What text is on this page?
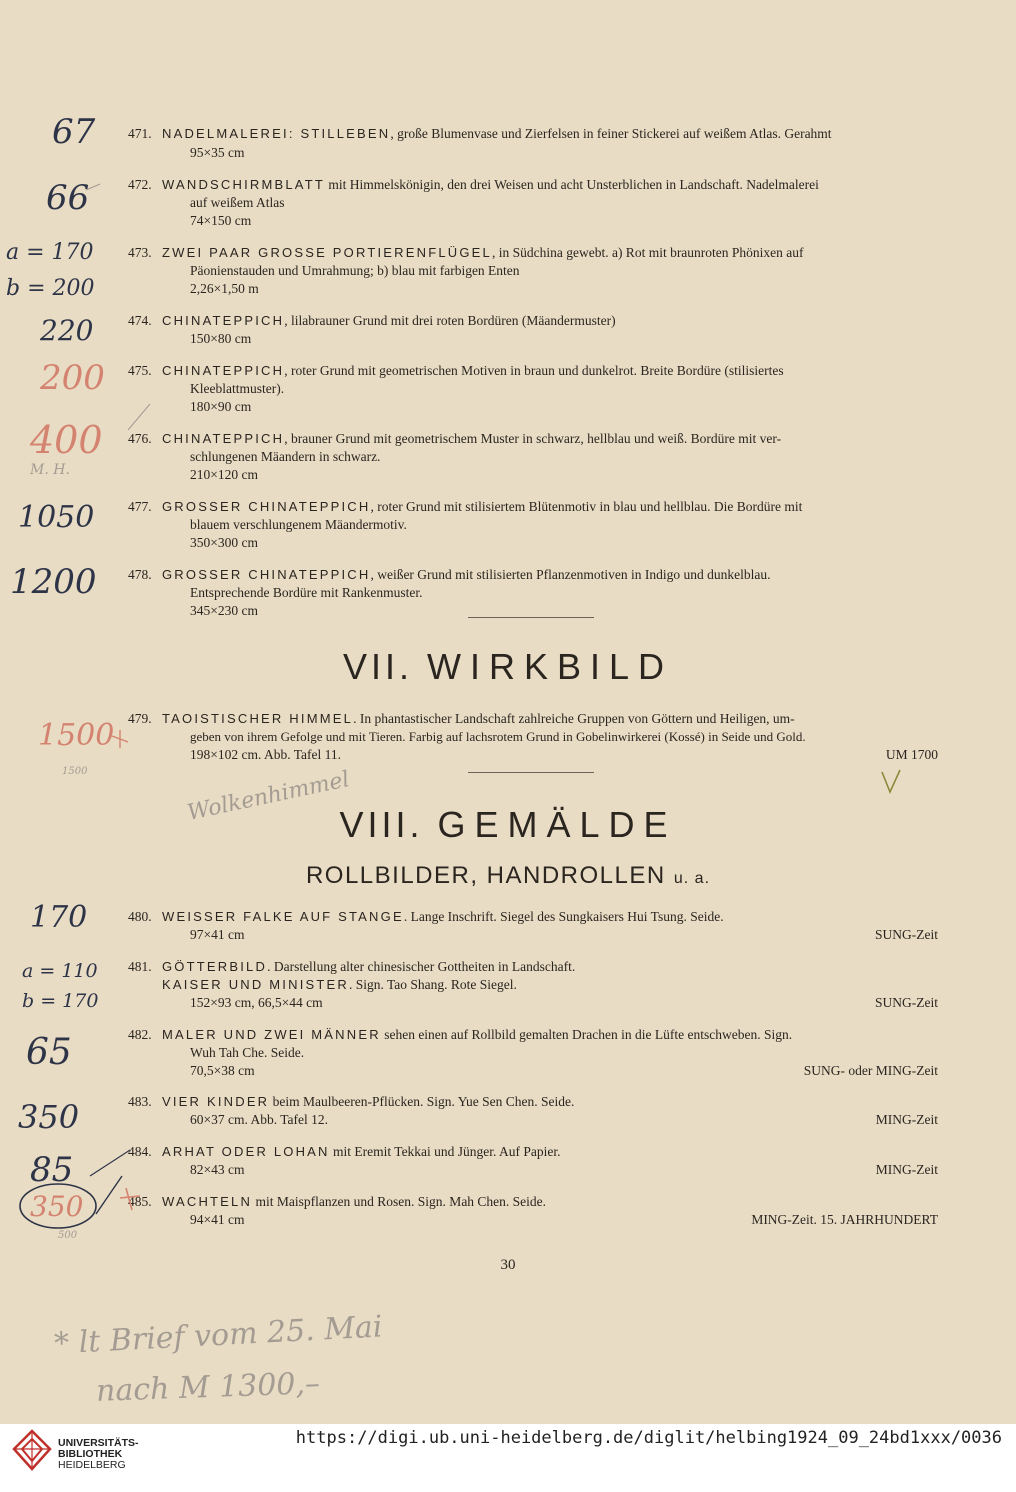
471. NADELMALEREI: STILLEBEN, große Blumenvase und Zierfelsen in feiner Stickerei auf weißem Atlas. Gerahmt
95×35 cm
472. WANDSCHIRMBLATT mit Himmelskönigin, den drei Weisen und acht Unsterblichen in Landschaft. Nadelmalerei
auf weißem Atlas
74×150 cm
473. ZWEI PAAR GROSSE PORTIERENFLÜGEL, in Südchina gewebt. a) Rot mit braunroten Phönixen auf
Päonienstauden und Umrahmung; b) blau mit farbigen Enten
2,26×1,50 m
474. CHINATEPPICH, lilabrauner Grund mit drei roten Bordüren (Mäandermuster)
150×80 cm
475. CHINATEPPICH, roter Grund mit geometrischen Motiven in braun und dunkelrot. Breite Bordüre (stilisiertes
Kleeblattmuster).
180×90 cm
476. CHINATEPPICH, brauner Grund mit geometrischem Muster in schwarz, hellblau und weiß. Bordüre mit ver-
schlungenen Mäandern in schwarz.
210×120 cm
477. GROSSER CHINATEPPICH, roter Grund mit stilisiertem Blütenmotiv in blau und hellblau. Die Bordüre mit
blauem verschlungenem Mäandermotiv.
350×300 cm
478. GROSSER CHINATEPPICH, weißer Grund mit stilisierten Pflanzenmotiven in Indigo und dunkelblau.
Entsprechende Bordüre mit Rankenmuster.
345×230 cm
VII. WIRKBILD
479. TAOISTISCHER HIMMEL. In phantastischer Landschaft zahlreiche Gruppen von Göttern und Heiligen, um-
geben von ihrem Gefolge und mit Tieren. Farbig auf lachsrotem Grund in Gobelinwirkerei (Kossé) in Seide und Gold.
198×102 cm. Abb. Tafel 11.	UM 1700
VIII. GEMÄLDE
ROLLBILDER, HANDROLLEN u. a.
480. WEISSER FALKE AUF STANGE. Lange Inschrift. Siegel des Sungkaisers Hui Tsung. Seide.
97×41 cm	SUNG-Zeit
481. GÖTTERBILD. Darstellung alter chinesischer Gottheiten in Landschaft.
KAISER UND MINISTER. Sign. Tao Shang. Rote Siegel.
152×93 cm, 66,5×44 cm	SUNG-Zeit
482. MALER UND ZWEI MÄNNER sehen einen auf Rollbild gemalten Drachen in die Lüfte entschweben. Sign.
Wuh Tah Che. Seide.
70,5×38 cm	SUNG- oder MING-Zeit
483. VIER KINDER beim Maulbeeren-Pflücken. Sign. Yue Sen Chen. Seide.
60×37 cm. Abb. Tafel 12.	MING-Zeit
484. ARHAT ODER LOHAN mit Eremit Tekkai und Jünger. Auf Papier.
82×43 cm	MING-Zeit
485. WACHTELN mit Maispflanzen und Rosen. Sign. Mah Chen. Seide.
94×41 cm	MING-Zeit. 15. JAHRHUNDERT
30
67
66
a = 170
b = 200
220
200
400
M. H.
1050
1200
1500
1500	Wolkenhimmel
170
a = 110
b = 170
65
350
85
350
500
* lt Brief vom 25. Mai
nach M 1300,–
UNIVERSITÄTS-
BIBLIOTHEK
HEIDELBERG
https://digi.ub.uni-heidelberg.de/diglit/helbing1924_09_24bd1xxx/0036
